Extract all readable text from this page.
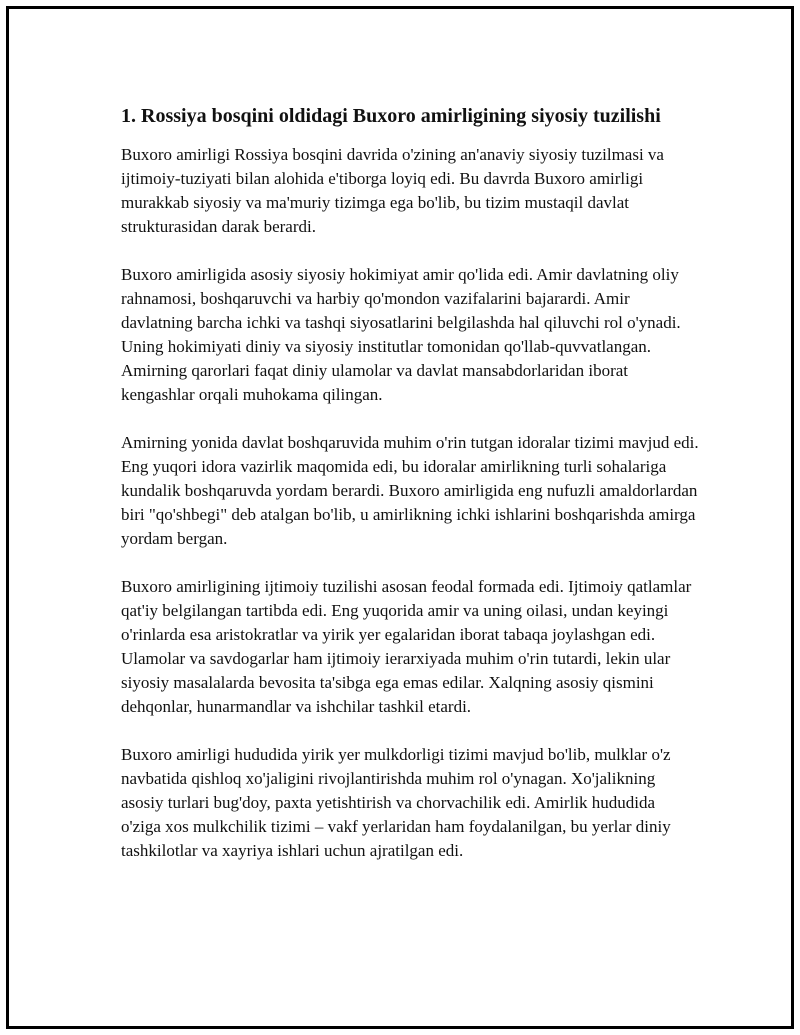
1. Rossiya bosqini oldidagi Buxoro amirligining siyosiy tuzilishi

Buxoro amirligi Rossiya bosqini davrida o'zining an'anaviy siyosiy tuzilmasi va ijtimoiy-tuziyati bilan alohida e'tiborga loyiq edi. Bu davrda Buxoro amirligi murakkab siyosiy va ma'muriy tizimga ega bo'lib, bu tizim mustaqil davlat strukturasidan darak berardi.

Buxoro amirligida asosiy siyosiy hokimiyat amir qo'lida edi. Amir davlatning oliy rahnamosi, boshqaruvchi va harbiy qo'mondon vazifalarini bajarardi. Amir davlatning barcha ichki va tashqi siyosatlarini belgilashda hal qiluvchi rol o'ynadi. Uning hokimiyati diniy va siyosiy institutlar tomonidan qo'llab-quvvatlangan. Amirning qarorlari faqat diniy ulamolar va davlat mansabdorlaridan iborat kengashlar orqali muhokama qilingan.

Amirning yonida davlat boshqaruvida muhim o'rin tutgan idoralar tizimi mavjud edi. Eng yuqori idora vazirlik maqomida edi, bu idoralar amirlikning turli sohalariga kundalik boshqaruvda yordam berardi. Buxoro amirligida eng nufuzli amaldorlardan biri "qo'shbegi" deb atalgan bo'lib, u amirlikning ichki ishlarini boshqarishda amirga yordam bergan.

Buxoro amirligining ijtimoiy tuzilishi asosan feodal formada edi. Ijtimoiy qatlamlar qat'iy belgilangan tartibda edi. Eng yuqorida amir va uning oilasi, undan keyingi o'rinlarda esa aristokratlar va yirik yer egalaridan iborat tabaqa joylashgan edi. Ulamolar va savdogarlar ham ijtimoiy ierarxiyada muhim o'rin tutardi, lekin ular siyosiy masalalarda bevosita ta'sibga ega emas edilar. Xalqning asosiy qismini dehqonlar, hunarmandlar va ishchilar tashkil etardi.

Buxoro amirligi hududida yirik yer mulkdorligi tizimi mavjud bo'lib, mulklar o'z navbatida qishloq xo'jaligini rivojlantirishda muhim rol o'ynagan. Xo'jalikning asosiy turlari bug'doy, paxta yetishtirish va chorvachilik edi. Amirlik hududida o'ziga xos mulkchilik tizimi – vakf yerlaridan ham foydalanilgan, bu yerlar diniy tashkilotlar va xayriya ishlari uchun ajratilgan edi.
